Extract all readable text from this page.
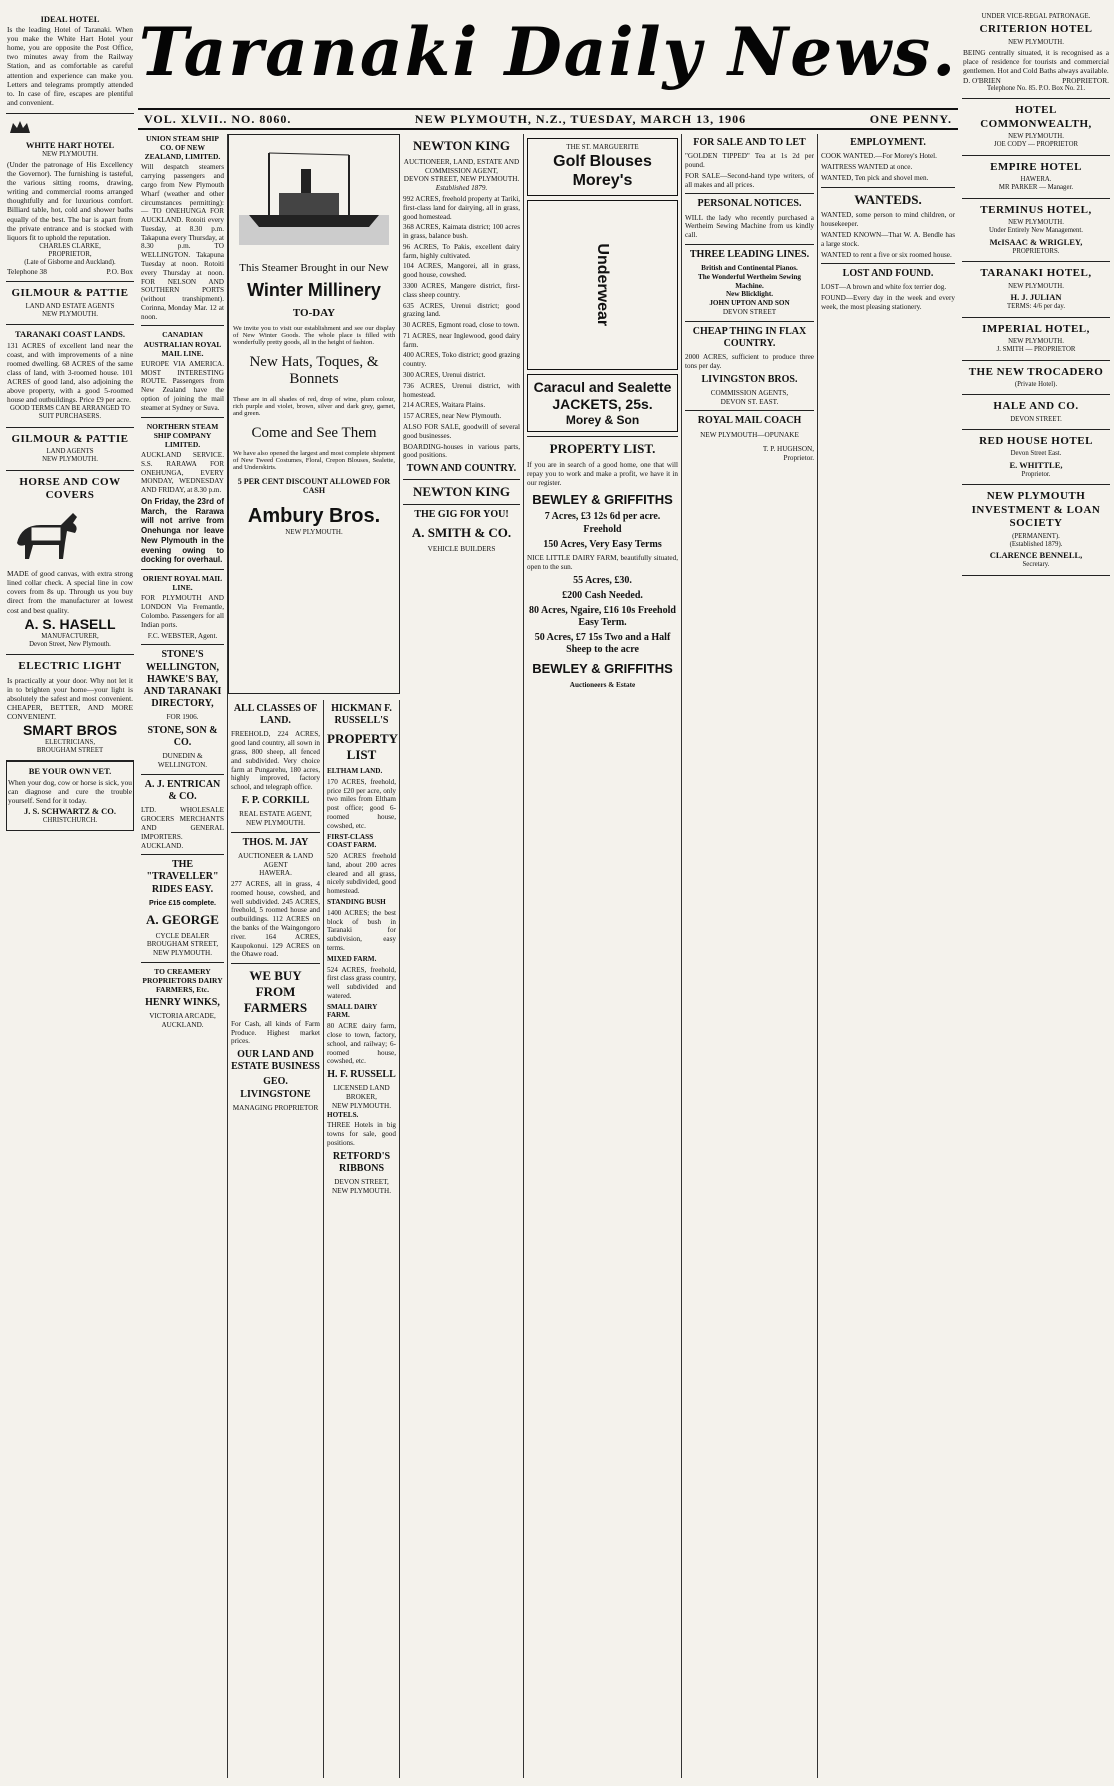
Taranaki Daily News.
VOL. XLVII.. NO. 8060.	NEW PLYMOUTH, N.Z., TUESDAY, MARCH 13, 1906	ONE PENNY.
IDEAL HOTEL

Is the leading Hotel of Taranaki. When you make the White Hart Hotel your home, you are opposite the Post Office, two minutes away from the Railway Station, and as comfortable as careful attention and experience can make you. Letters and telegrams promptly attended to. In case of fire, escapes are plentiful and convenient.

WHITE HART HOTEL
NEW PLYMOUTH.

(Under the patronage of His Excellency the Governor). The furnishing is tasteful, the various sitting rooms, drawing, writing and commercial rooms arranged thoughtfully and for luxurious comfort. Billiard table, hot, cold and shower baths equally of the best. The bar is apart from the private entrance and is stocked with liquors fit to uphold the reputation.

CHARLES CLARKE,
PROPRIETOR,
(Late of Gisborne and Auckland).
Telephone 38	P.O. Box
GILMOUR & PATTIE
LAND AND ESTATE AGENTS
NEW PLYMOUTH.
TARANAKI COAST LANDS.

131 ACRES of excellent land near the coast, and with improvements of a nine roomed dwelling. 68 ACRES of the same class of land, with 3-roomed house. 101 ACRES of good land, also adjoining the above property, with a good 5-roomed house and outbuildings. Price £9 per acre.

GOOD TERMS CAN BE ARRANGED TO SUIT PURCHASERS.
GILMOUR & PATTIE
LAND AGENTS
NEW PLYMOUTH.
HORSE AND COW COVERS

MADE of good canvas, with extra strong lined collar check. A special line in cow covers from 8s up. Through us you buy direct from the manufacturer at lowest cost and best quality.

A. S. HASELL
MANUFACTURER,
Devon Street, New Plymouth.
ELECTRIC LIGHT

Is practically at your door. Why not let it in to brighten your home—your light is absolutely the safest and most convenient. CHEAPER, BETTER, AND MORE CONVENIENT.

SMART BROS
ELECTRICIANS,
BROUGHAM STREET
BE YOUR OWN VET.

When your dog, cow or horse is sick, you can diagnose and cure the trouble yourself. Send for it today.

J. S. SCHWARTZ & CO.
CHRISTCHURCH.
UNION STEAM SHIP CO. OF NEW ZEALAND, LIMITED.

Will despatch steamers carrying passengers and cargo from New Plymouth Wharf (weather and other circumstances permitting):— TO ONEHUNGA FOR AUCKLAND. Rotoiti every Tuesday, at 8.30 p.m. Takapuna every Thursday, at 8.30 p.m. TO WELLINGTON. Takapuna Tuesday at noon. Rotoiti every Thursday at noon. FOR NELSON AND SOUTHERN PORTS (without transhipment). Corinna, Monday Mar. 12 at noon.

CANADIAN AUSTRALIAN ROYAL MAIL LINE.

EUROPE VIA AMERICA. MOST INTERESTING ROUTE. Passengers from New Zealand have the option of joining the mail steamer at Sydney or Suva.

NORTHERN STEAM SHIP COMPANY LIMITED.

AUCKLAND SERVICE. S.S. RARAWA FOR ONEHUNGA, EVERY MONDAY, WEDNESDAY AND FRIDAY, at 8.30 p.m.

On Friday, the 23rd of March, the Rarawa will not arrive from Onehunga nor leave New Plymouth in the evening owing to docking for overhaul.

ORIENT ROYAL MAIL LINE.

FOR PLYMOUTH AND LONDON Via Fremantle, Colombo. Passengers for all Indian ports.

F.C. WEBSTER, Agent.
STONE'S WELLINGTON, HAWKE'S BAY, AND TARANAKI DIRECTORY,
FOR 1906.
STONE, SON & CO.
DUNEDIN & WELLINGTON.
A. J. ENTRICAN & CO.

LTD. WHOLESALE GROCERS MERCHANTS AND GENERAL IMPORTERS. AUCKLAND.

THE "TRAVELLER" RIDES EASY.
Price £15 complete.
A. GEORGE
CYCLE DEALER
BROUGHAM STREET, NEW PLYMOUTH.
TO CREAMERY PROPRIETORS DAIRY FARMERS, Etc.
HENRY WINKS,
VICTORIA ARCADE, AUCKLAND.
This Steamer Brought in our New
Winter Millinery
TO-DAY

We invite you to visit our establishment and see our display of New Winter Goods. The whole place is filled with wonderfully pretty goods, all in the height of fashion.

New Hats, Toques, & Bonnets

These are in all shades of red, drop of wine, plum colour, rich purple and violet, brown, silver and dark grey, garnet, and green.

Come and See Them

We have also opened the largest and most complete shipment of New Tweed Costumes, Floral, Crepon Blouses, Sealette, and Underskirts.

5 PER CENT DISCOUNT ALLOWED FOR CASH
Ambury Bros.
NEW PLYMOUTH.
ALL CLASSES OF LAND.

FREEHOLD, 224 ACRES, good land country, all sown in grass, 800 sheep, all fenced and subdivided. Very choice farm at Pungarehu, 180 acres, highly improved, factory school, and telegraph office.

F. P. CORKILL
REAL ESTATE AGENT,
NEW PLYMOUTH.
THOS. M. JAY
AUCTIONEER & LAND AGENT
HAWERA.

277 ACRES, all in grass, 4 roomed house, cowshed, and well subdivided. 245 ACRES, freehold, 5 roomed house and outbuildings. 112 ACRES on the banks of the Waingongoro river. 164 ACRES, Kaupokonui. 129 ACRES on the Ohawe road.

WE BUY FROM FARMERS

For Cash, all kinds of Farm Produce. Highest market prices.

OUR LAND AND ESTATE BUSINESS
GEO. LIVINGSTONE
MANAGING PROPRIETOR
HICKMAN F. RUSSELL'S
PROPERTY LIST
ELTHAM LAND.

170 ACRES, freehold, price £20 per acre, only two miles from Eltham post office; good 6-roomed house, cowshed, etc.

FIRST-CLASS COAST FARM.

520 ACRES freehold land, about 200 acres cleared and all grass, nicely subdivided, good homestead.

STANDING BUSH

1400 ACRES; the best block of bush in Taranaki for subdivision, easy terms.

MIXED FARM.

524 ACRES, freehold, first class grass country, well subdivided and watered.

SMALL DAIRY FARM.

80 ACRE dairy farm, close to town, factory, school, and railway; 6-roomed house, cowshed, etc.

H. F. RUSSELL
LICENSED LAND BROKER,
NEW PLYMOUTH.
HOTELS.

THREE Hotels in big towns for sale, good positions.

RETFORD'S RIBBONS
DEVON STREET, NEW PLYMOUTH.
NEWTON KING
AUCTIONEER, LAND, ESTATE AND COMMISSION AGENT,
DEVON STREET, NEW PLYMOUTH.
Established 1879.

992 ACRES, freehold property at Tariki, first-class land for dairying, all in grass, good homestead.

368 ACRES, Kaimata district; 100 acres in grass, balance bush.

96 ACRES, To Pakis, excellent dairy farm, highly cultivated.

104 ACRES, Mangorei, all in grass, good house, cowshed.

3300 ACRES, Mangere district, first-class sheep country.

635 ACRES, Urenui district; good grazing land.

30 ACRES, Egmont road, close to town.

71 ACRES, near Inglewood, good dairy farm.

400 ACRES, Toko district; good grazing country.

300 ACRES, Urenui district.

736 ACRES, Urenui district, with homestead.

214 ACRES, Waitara Plains.

157 ACRES, near New Plymouth.

ALSO FOR SALE, goodwill of several good businesses.

BOARDING-houses in various parts, good positions.

TOWN AND COUNTRY.
NEWTON KING
THE GIG FOR YOU!
A. SMITH & CO.
VEHICLE BUILDERS
THE ST. MARGUERITE
Golf Blouses
Morey's
Underwear
Caracul and Sealette JACKETS, 25s.
Morey & Son
PROPERTY LIST.

If you are in search of a good home, one that will repay you to work and make a profit, we have it in our register.

BEWLEY & GRIFFITHS
7 Acres, £3 12s 6d per acre. Freehold
150 Acres, Very Easy Terms

NICE LITTLE DAIRY FARM, beautifully situated, open to the sun.

55 Acres, £30.
£200 Cash Needed.
80 Acres, Ngaire, £16 10s Freehold Easy Term.
50 Acres, £7 15s Two and a Half Sheep to the acre
BEWLEY & GRIFFITHS
Auctioneers & Estate
FOR SALE AND TO LET

"GOLDEN TIPPED" Tea at 1s 2d per pound.

FOR SALE—Second-hand type writers, of all makes and all prices.

PERSONAL NOTICES.

WILL the lady who recently purchased a Wertheim Sewing Machine from us kindly call.

THREE LEADING LINES.
British and Continental Pianos.
The Wonderful Wertheim Sewing Machine.
New Blicklight.
JOHN UPTON AND SON
DEVON STREET
CHEAP THING IN FLAX COUNTRY.

2000 ACRES, sufficient to produce three tons per day.

LIVINGSTON BROS.
COMMISSION AGENTS,
DEVON ST. EAST.
ROYAL MAIL COACH
NEW PLYMOUTH—OPUNAKE
T. P. HUGHSON,
Proprietor.
EMPLOYMENT.

COOK WANTED.—For Morey's Hotel.

WAITRESS WANTED at once.

WANTED, Ten pick and shovel men.

WANTEDS.

WANTED, some person to mind children, or housekeeper.

WANTED KNOWN—That W. A. Bendle has a large stock.

WANTED to rent a five or six roomed house.

LOST AND FOUND.

LOST—A brown and white fox terrier dog.

FOUND—Every day in the week and every week, the most pleasing stationery.

UNDER VICE-REGAL PATRONAGE.
CRITERION HOTEL
NEW PLYMOUTH.

BEING centrally situated, it is recognised as a place of residence for tourists and commercial gentlemen. Hot and Cold Baths always available.

D. O'BRIEN	PROPRIETOR.
Telephone No. 85. P.O. Box No. 21.
HOTEL COMMONWEALTH,
NEW PLYMOUTH.
JOE CODY — PROPRIETOR
EMPIRE HOTEL
HAWERA.
MR PARKER — Manager.
TERMINUS HOTEL,
NEW PLYMOUTH.
Under Entirely New Management.
McISAAC & WRIGLEY,
PROPRIETORS.
TARANAKI HOTEL,
NEW PLYMOUTH.
H. J. JULIAN
TERMS: 4/6 per day.
IMPERIAL HOTEL,
NEW PLYMOUTH.
J. SMITH — PROPRIETOR
THE NEW TROCADERO
(Private Hotel).
HALE AND CO.
DEVON STREET.
RED HOUSE HOTEL
Devon Street East.
E. WHITTLE,
Proprietor.
NEW PLYMOUTH INVESTMENT & LOAN SOCIETY
(PERMANENT).
(Established 1879).
CLARENCE BENNELL,
Secretary.
